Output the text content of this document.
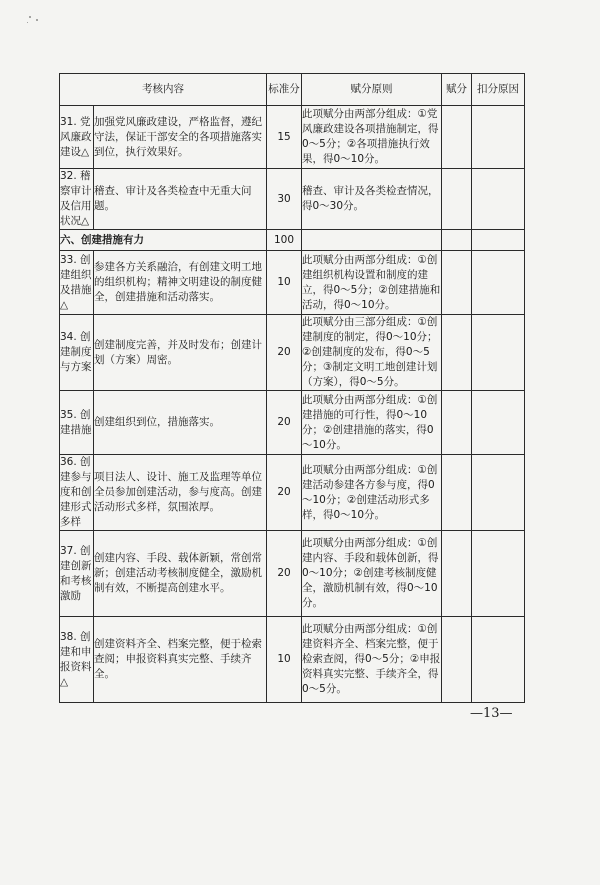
考核内容		标准分	赋分原则	赋分	扣分原因
31. 党风廉政建设△	加强党风廉政建设，严格监督，遵纪守法，保证干部安全的各项措施落实到位，执行效果好。	15	此项赋分由两部分组成：①党风廉政建设各项措施制定，得0～5分；②各项措施执行效果，得0～10分。		
32. 稽察审计及信用状况△	稽查、审计及各类检查中无重大问题。	30	稽查、审计及各类检查情况，得0～30分。		
六、创建措施有力		100			
33. 创建组织及措施△	参建各方关系融洽，有创建文明工地的组织机构；精神文明建设的制度健全，创建措施和活动落实。	10	此项赋分由两部分组成：①创建组织机构设置和制度的建立，得0～5分；②创建措施和活动，得0～10分。		
34. 创建制度与方案	创建制度完善，并及时发布；创建计划（方案）周密。	20	此项赋分由三部分组成：①创建制度的制定，得0～10分；②创建制度的发布，得0～5分；③制定文明工地创建计划（方案），得0～5分。		
35. 创建措施	创建组织到位，措施落实。	20	此项赋分由两部分组成：①创建措施的可行性，得0～10分；②创建措施的落实，得0～10分。		
36. 创建参与度和创建形式多样	项目法人、设计、施工及监理等单位全员参加创建活动，参与度高。创建活动形式多样，氛围浓厚。	20	此项赋分由两部分组成：①创建活动参建各方参与度，得0～10分；②创建活动形式多样，得0～10分。		
37. 创建创新和考核激励	创建内容、手段、载体新颖，常创常新；创建活动考核制度健全，激励机制有效，不断提高创建水平。	20	此项赋分由两部分组成：①创建内容、手段和载体创新，得0～10分；②创建考核制度健全，激励机制有效，得0～10分。		
38. 创建和申报资料△	创建资料齐全、档案完整，便于检索查阅；申报资料真实完整、手续齐全。	10	此项赋分由两部分组成：①创建资料齐全、档案完整，便于检索查阅，得0～5分；②申报资料真实完整、手续齐全，得0～5分。		
—13—
